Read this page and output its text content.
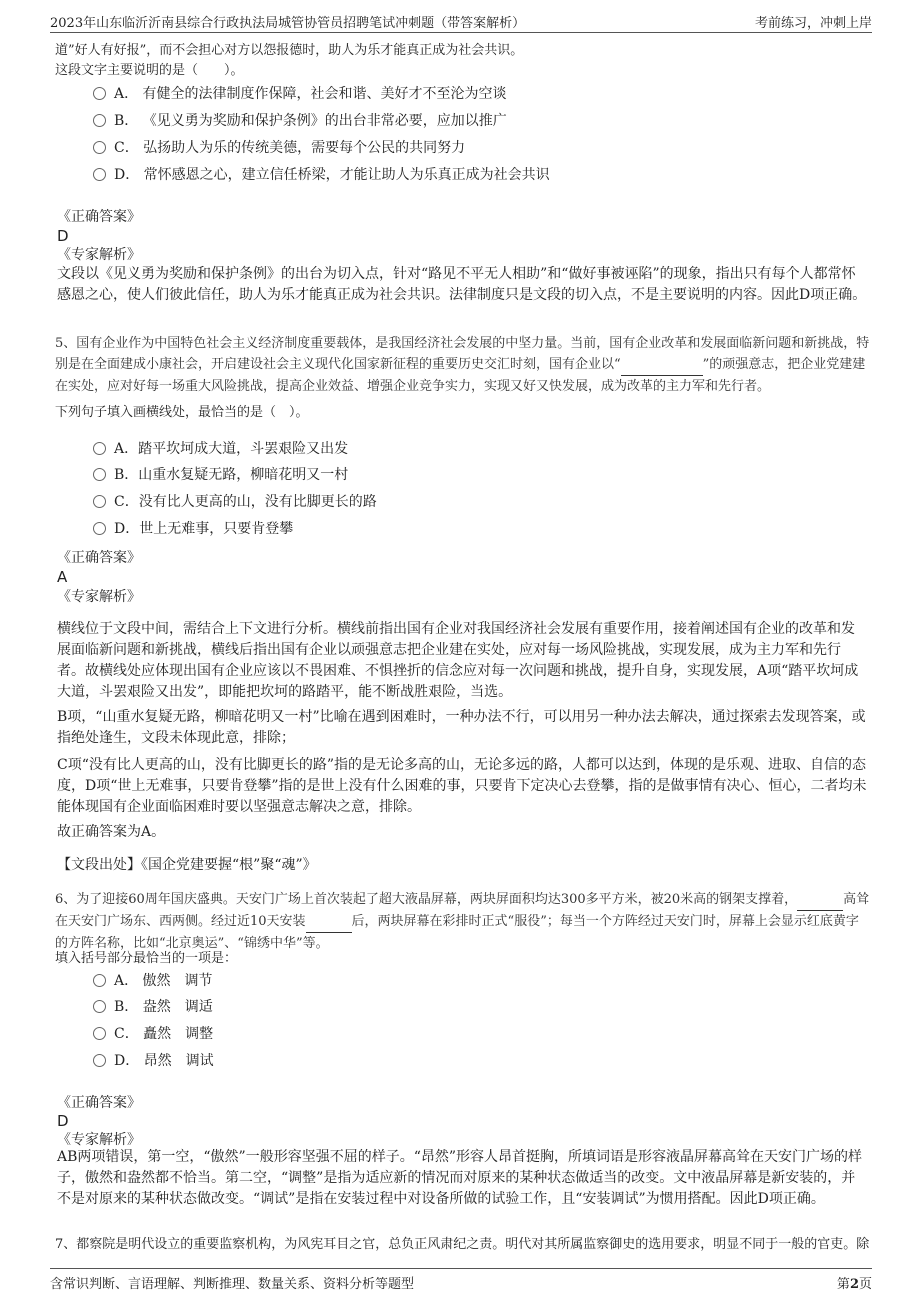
2023年山东临沂沂南县综合行政执法局城管协管员招聘笔试冲刺题（带答案解析）	考前练习，冲刺上岸
道”好人有好报”，而不会担心对方以怨报德时，助人为乐才能真正成为社会共识。
这段文字主要说明的是（　　）。
A． 有健全的法律制度作保障，社会和谐、美好才不至沦为空谈
B． 《见义勇为奖励和保护条例》的出台非常必要，应加以推广
C． 弘扬助人为乐的传统美德，需要每个公民的共同努力
D． 常怀感恩之心，建立信任桥梁，才能让助人为乐真正成为社会共识
《正确答案》
D
《专家解析》
文段以《见义勇为奖励和保护条例》的出台为切入点，针对“路见不平无人相助”和“做好事被诬陷”的现象，指出只有每个人都常怀感恩之心，使人们彼此信任，助人为乐才能真正成为社会共识。法律制度只是文段的切入点，不是主要说明的内容。因此D项正确。
5、国有企业作为中国特色社会主义经济制度重要载体，是我国经济社会发展的中坚力量。当前，国有企业改革和发展面临新问题和新挑战，特别是在全面建成小康社会，开启建设社会主义现代化国家新征程的重要历史交汇时刻，国有企业以“	”的顽强意志，把企业党建建在实处，应对好每一场重大风险挑战，提高企业效益、增强企业竞争实力，实现又好又快发展，成为改革的主力军和先行者。
下列句子填入画横线处，最恰当的是（　）。
A．踏平坎坷成大道，斗罢艰险又出发
B．山重水复疑无路，柳暗花明又一村
C．没有比人更高的山，没有比脚更长的路
D．世上无难事，只要肯登攀
《正确答案》
A
《专家解析》
横线位于文段中间，需结合上下文进行分析。横线前指出国有企业对我国经济社会发展有重要作用，接着阐述国有企业的改革和发展面临新问题和新挑战，横线后指出国有企业以顽强意志把企业建在实处，应对每一场风险挑战，实现发展，成为主力军和先行者。故横线处应体现出国有企业应该以不畏困难、不惧挫折的信念应对每一次问题和挑战，提升自身，实现发展，A项“踏平坎坷成大道，斗罢艰险又出发”，即能把坎坷的路踏平，能不断战胜艰险，当选。
B项，“山重水复疑无路，柳暗花明又一村”比喻在遇到困难时，一种办法不行，可以用另一种办法去解决，通过探索去发现答案，或指绝处逢生，文段未体现此意，排除；
C项“没有比人更高的山，没有比脚更长的路”指的是无论多高的山，无论多远的路，人都可以达到，体现的是乐观、进取、自信的态度，D项“世上无难事，只要肯登攀”指的是世上没有什么困难的事，只要肯下定决心去登攀，指的是做事情有决心、恒心，二者均未能体现国有企业面临困难时要以坚强意志解决之意，排除。
故正确答案为A。
【文段出处】《国企党建要握“根”聚“魂”》
6、为了迎接60周年国庆盛典。天安门广场上首次装起了超大液晶屏幕，两块屏面积均达300多平方米，被20米高的钢架支撑着，	高耸在天安门广场东、西两侧。经过近10天安装	后，两块屏幕在彩排时正式“服役”；每当一个方阵经过天安门时，屏幕上会显示红底黄字的方阵名称，比如“北京奥运”、“锦绣中华”等。
填入括号部分最恰当的一项是：
A． 傲然　调节
B． 盎然　调适
C． 矗然　调整
D． 昂然　调试
《正确答案》
D
《专家解析》
AB两项错误，第一空，“傲然”一般形容坚强不屈的样子。“昂然”形容人昂首挺胸，所填词语是形容液晶屏幕高耸在天安门广场的样子，傲然和盎然都不恰当。第二空，“调整”是指为适应新的情况而对原来的某种状态做适当的改变。文中液晶屏幕是新安装的，并不是对原来的某种状态做改变。“调试”是指在安装过程中对设备所做的试验工作，且“安装调试”为惯用搭配。因此D项正确。
7、都察院是明代设立的重要监察机构，为风宪耳目之官，总负正风肃纪之责。明代对其所属监察御史的选用要求，明显不同于一般的官吏。除
含常识判断、言语理解、判断推理、数量关系、资料分析等题型	第2页
